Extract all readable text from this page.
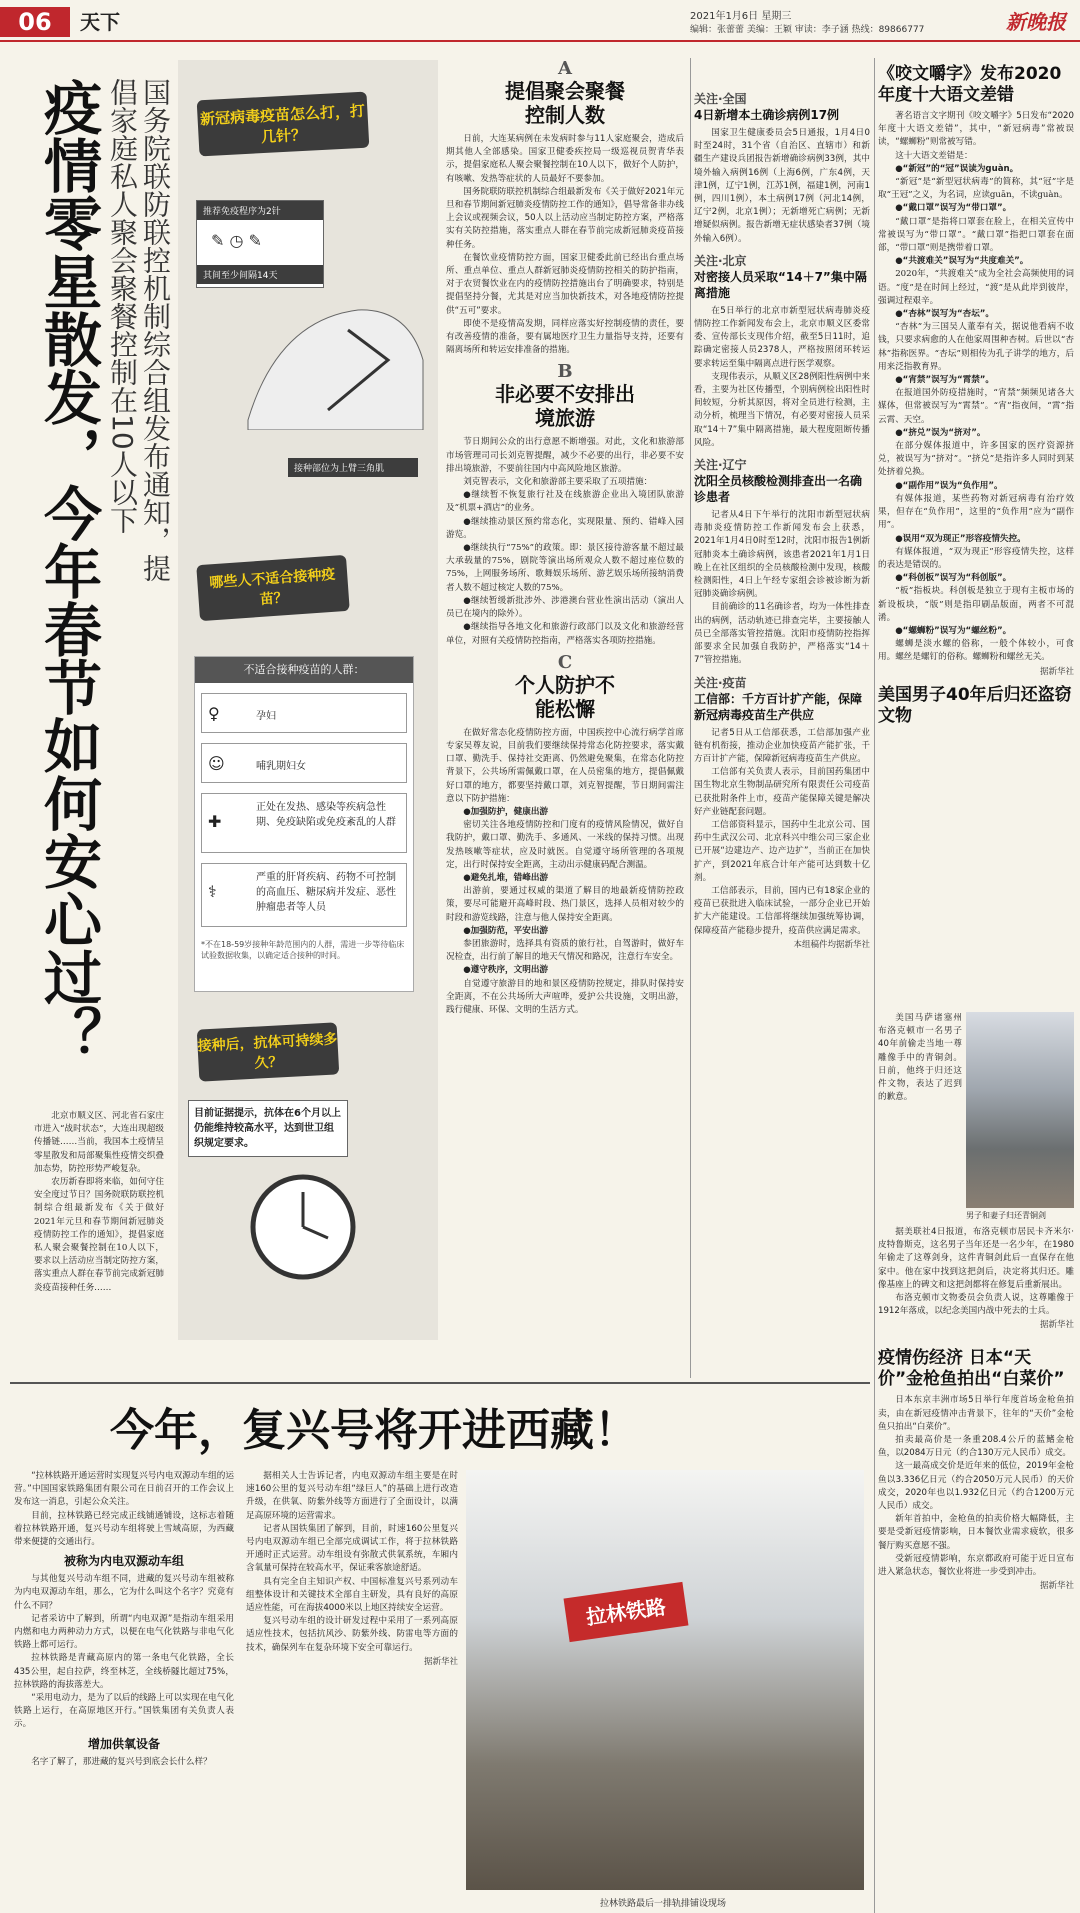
06	天下	2021年1月6日 星期三
编辑：张蕾蕾 美编：王颖 审读：李子涵 热线：89866777	新晚报
疫情零星散发，今年春节如何安心过？	国务院联防联控机制综合组发布通知，提倡家庭私人聚会聚餐控制在10人以下

北京市顺义区、河北省石家庄市进入“战时状态”，大连出现超级传播链……当前，我国本土疫情呈零星散发和局部聚集性疫情交织叠加态势，防控形势严峻复杂。

农历新春即将来临，如何守住安全度过节日？国务院联防联控机制综合组最新发布《关于做好2021年元旦和春节期间新冠肺炎疫情防控工作的通知》，提倡家庭私人聚会聚餐控制在10人以下，要求以上活动应当制定防控方案，落实重点人群在春节前完成新冠肺炎疫苗接种任务……

新冠病毒疫苗怎么打，打几针？
推荐免疫程序为2针
✎ ◷ ✎
其间至少间隔14天
接种部位为上臂三角肌
哪些人不适合接种疫苗？
不适合接种疫苗的人群：
♀	孕妇
☺	哺乳期妇女
✚
正处在发热、感染等疾病急性期、免疫缺陷或免疫紊乱的人群
⚕
严重的肝肾疾病、药物不可控制的高血压、糖尿病并发症、恶性肿瘤患者等人员
*不在18-59岁接种年龄范围内的人群，需进一步等待临床试验数据收集，以确定适合接种的时间。
接种后，抗体可持续多久？
目前证据提示，抗体在6个月以上仍能维持较高水平，达到世卫组织规定要求。
A
提倡聚会聚餐控制人数

日前，大连某病例在未发病时参与11人家庭聚会，造成后期其他人全部感染。国家卫健委疾控局一级巡视员贺青华表示，提倡家庭私人聚会聚餐控制在10人以下，做好个人防护，有咳嗽、发热等症状的人员最好不要参加。

国务院联防联控机制综合组最新发布《关于做好2021年元旦和春节期间新冠肺炎疫情防控工作的通知》，倡导常备非办线上会议或视频会议，50人以上活动应当制定防控方案，严格落实有关防控措施，落实重点人群在春节前完成新冠肺炎疫苗接种任务。

在餐饮业疫情防控方面，国家卫健委此前已经出台重点场所、重点单位、重点人群新冠肺炎疫情防控相关的防护指南，对于农贸餐饮业在内的疫情防控措施出台了明确要求，特别是提倡坚持分餐，尤其是对应当加快新技术，对各地疫情防控提供“五可”要求。

即使不是疫情高发期，同样应落实好控制疫情的责任，要有改善疫情的准备，要有属地医疗卫生力量指导支持，还要有隔离场所和转运安排准备的措施。

B
非必要不安排出境旅游

节日期间公众的出行意愿不断增强。对此，文化和旅游部市场管理司司长刘克智提醒，减少不必要的出行，非必要不安排出境旅游，不要前往国内中高风险地区旅游。

刘克智表示，文化和旅游部主要采取了五项措施：

●继续暂不恢复旅行社及在线旅游企业出入境团队旅游及“机票+酒店”的业务。

●继续推动景区预约常态化，实现限量、预约、错峰入园游览。

●继续执行“75%”的政策。即：景区接待游客量不超过最大承载量的75%，剧院等演出场所观众人数不超过座位数的75%，上网服务场所、歌舞娱乐场所、游艺娱乐场所接纳消费者人数不超过核定人数的75%。

●继续暂缓新批涉外、涉港澳台营业性演出活动（演出人员已在境内的除外）。

●继续指导各地文化和旅游行政部门以及文化和旅游经营单位，对照有关疫情防控指南，严格落实各项防控措施。

C
个人防护不能松懈

在做好常态化疫情防控方面，中国疾控中心流行病学首席专家吴尊友说，目前我们要继续保持常态化防控要求，落实戴口罩、勤洗手、保持社交距离、仍然避免聚集，在常态化防控背景下，公共场所需佩戴口罩，在人员密集的地方，提倡佩戴好口罩的地方，都要坚持戴口罩，刘克智提醒，节日期间需注意以下防护措施：

●加强防护，健康出游

密切关注各地疫情防控和门度有的疫情风险情况，做好自我防护，戴口罩、勤洗手、多通风、一米线的保持习惯。出现发热咳嗽等症状，应及时就医。自觉遵守场所管理的各项规定，出行时保持安全距离，主动出示健康码配合测温。

●避免扎堆，错峰出游

出游前，要通过权威的渠道了解目的地最新疫情防控政策，要尽可能避开高峰时段、热门景区，选择人员相对较少的时段和游览线路，注意与他人保持安全距离。

●加强防范，平安出游

参团旅游时，选择具有资质的旅行社，自驾游时，做好车况检查，出行前了解目的地天气情况和路况，注意行车安全。

●遵守秩序，文明出游

自觉遵守旅游目的地和景区疫情防控规定，排队时保持安全距离，不在公共场所大声喧哗，爱护公共设施，文明出游，践行健康、环保、文明的生活方式。

关注·全国
4日新增本土确诊病例17例

国家卫生健康委员会5日通报，1月4日0时至24时，31个省（自治区、直辖市）和新疆生产建设兵团报告新增确诊病例33例，其中境外输入病例16例（上海6例，广东4例，天津1例，辽宁1例，江苏1例，福建1例，河南1例，四川1例），本土病例17例（河北14例，辽宁2例，北京1例）；无新增死亡病例；无新增疑似病例。报告新增无症状感染者37例（境外输入6例）。

关注·北京
对密接人员采取“14＋7”集中隔离措施

在5日举行的北京市新型冠状病毒肺炎疫情防控工作新闻发布会上，北京市顺义区委常委、宣传部长支现伟介绍，截至5日11时，追踪确定密接人员2378人，严格按照闭环转运要求转运至集中隔离点进行医学观察。

支现伟表示，从顺义区28例阳性病例中来看，主要为社区传播型，个别病例检出阳性时间较短，分析其原因，将对全员进行检测，主动分析，梳理当下情况，有必要对密接人员采取“14＋7”集中隔离措施，最大程度阻断传播风险。

关注·辽宁
沈阳全员核酸检测排查出一名确诊患者

记者从4日下午举行的沈阳市新型冠状病毒肺炎疫情防控工作新闻发布会上获悉，2021年1月4日0时至12时，沈阳市报告1例新冠肺炎本土确诊病例，该患者2021年1月1日晚上在社区组织的全员核酸检测中发现，核酸检测阳性，4日上午经专家组会诊被诊断为新冠肺炎确诊病例。

目前确诊的11名确诊者，均为一体性排查出的病例，活动轨迹已排查完毕，主要接触人员已全部落实管控措施。沈阳市疫情防控指挥部要求全民加强自我防护，严格落实“14＋7”管控措施。

关注·疫苗
工信部：千方百计扩产能，保障新冠病毒疫苗生产供应

记者5日从工信部获悉，工信部加强产业链有机衔接，推动企业加快疫苗产能扩张，千方百计扩产能，保障新冠病毒疫苗生产供应。

工信部有关负责人表示，目前国药集团中国生物北京生物制品研究所有限责任公司疫苗已获批附条件上市，疫苗产能保障关键是解决好产业链配套问题。

工信部资料显示，国药中生北京公司、国药中生武汉公司、北京科兴中维公司三家企业已开展“边建边产、边产边扩”，当前正在加快扩产，到2021年底合计年产能可达到数十亿剂。

工信部表示，目前，国内已有18家企业的疫苗已获批进入临床试验，一部分企业已开始扩大产能建设。工信部将继续加强统筹协调，保障疫苗产能稳步提升，疫苗供应满足需求。

本组稿件均据新华社
《咬文嚼字》发布2020年度十大语文差错

著名语言文字期刊《咬文嚼字》5日发布“2020年度十大语文差错”，其中，“新冠病毒”常被误读，“螺蛳粉”则常被写错。

这十大语文差错是：

●“新冠”的“冠”误读为guàn。

“新冠”是“新型冠状病毒”的简称，其“冠”字是取“王冠”之义，为名词，应读guān，不读guàn。

●“戴口罩”误写为“带口罩”。

“戴口罩”是指将口罩套在脸上，在相关宣传中常被误写为“带口罩”。“戴口罩”指把口罩套在面部，“带口罩”则是携带着口罩。

●“共渡难关”误写为“共度难关”。

2020年，“共渡难关”成为全社会高频使用的词语。“度”是在时间上经过，“渡”是从此岸到彼岸，强调过程艰辛。

●“杏林”误写为“杏坛”。

“杏林”为三国吴人董奉有关，据说他看病不收钱，只要求病愈的人在他家周围种杏树。后世以“杏林”指称医界。“杏坛”则相传为孔子讲学的地方，后用来泛指教育界。

●“宵禁”误写为“霄禁”。

在报道国外防疫措施时，“宵禁”频频见诸各大媒体，但常被误写为“霄禁”。“宵”指夜间，“霄”指云霄、天空。

●“挤兑”误为“挤对”。

在部分媒体报道中，许多国家的医疗资源挤兑，被误写为“挤对”。“挤兑”是指许多人同时到某处挤着兑换。

●“副作用”误为“负作用”。

有媒体报道，某些药物对新冠病毒有治疗效果，但存在“负作用”，这里的“负作用”应为“副作用”。

●误用“双为现正”形容疫情失控。

有媒体报道，“双为现正”形容疫情失控，这样的表达是错误的。

●“科创板”误写为“科创版”。

“板”指板块。科创板是独立于现有主板市场的新设板块，“版”则是指印刷品版面，两者不可混淆。

●“螺蛳粉”误写为“螺丝粉”。

螺蛳是淡水螺的俗称，一般个体较小，可食用。螺丝是螺钉的俗称。螺蛳粉和螺丝无关。

据新华社
美国男子40年后归还盗窃文物
男子和妻子归还青铜剑

美国马萨诸塞州布洛克顿市一名男子40年前偷走当地一尊雕像手中的青铜剑。日前，他终于归还这件文物，表达了迟到的歉意。

据美联社4日报道，布洛克顿市居民卡齐米尔·皮特鲁斯克，这名男子当年还是一名少年，在1980年偷走了这尊剑身，这件青铜剑此后一直保存在他家中。他在家中找到这把剑后，决定将其归还。雕像基座上的碑文和这把剑都将在修复后重新展出。

布洛克顿市文物委员会负责人说，这尊雕像于1912年落成，以纪念美国内战中死去的士兵。

据新华社
疫情伤经济 日本“天价”金枪鱼拍出“白菜价”

日本东京丰洲市场5日举行年度首场金枪鱼拍卖，由在新冠疫情冲击背景下，往年的“天价”金枪鱼只拍出“白菜价”。

拍卖最高价是一条重208.4公斤的蓝鳍金枪鱼，以2084万日元（约合130万元人民币）成交。

这一最高成交价是近年来的低位，2019年金枪鱼以3.336亿日元（约合2050万元人民币）的天价成交，2020年也以1.932亿日元（约合1200万元人民币）成交。

新年首拍中，金枪鱼的拍卖价格大幅降低，主要是受新冠疫情影响，日本餐饮业需求疲软，很多餐厅购买意愿不强。

受新冠疫情影响，东京都政府可能于近日宣布进入紧急状态，餐饮业将进一步受到冲击。

据新华社
今年，复兴号将开进西藏！

“拉林铁路开通运营时实现复兴号内电双源动车组的运营。”中国国家铁路集团有限公司在日前召开的工作会议上发布这一消息，引起公众关注。

目前，拉林铁路已经完成正线铺通铺设，这标志着随着拉林铁路开通，复兴号动车组将驶上雪域高原，为西藏带来便捷的交通出行。

被称为内电双源动车组

与其他复兴号动车组不同，进藏的复兴号动车组被称为内电双源动车组，那么，它为什么叫这个名字？究竟有什么不同？

记者采访中了解到，所谓“内电双源”是指动车组采用内燃和电力两种动力方式，以便在电气化铁路与非电气化铁路上都可运行。

拉林铁路是青藏高原内的第一条电气化铁路，全长435公里，起自拉萨，终至林芝，全线桥隧比超过75%，拉林铁路的海拔落差大。

“采用电动力，是为了以后的线路上可以实现在电气化铁路上运行，在高原地区开行。”国铁集团有关负责人表示。

增加供氧设备

名字了解了，那进藏的复兴号到底会长什么样？

据相关人士告诉记者，内电双源动车组主要是在时速160公里的复兴号动车组“绿巨人”的基础上进行改造升级，在供氧、防紫外线等方面进行了全面设计，以满足高原环境的运营需求。

记者从国铁集团了解到，目前，时速160公里复兴号内电双源动车组已全部完成调试工作，将于拉林铁路开通时正式运营。动车组设有弥散式供氧系统，车厢内含氧量可保持在较高水平，保证乘客旅途舒适。

具有完全自主知识产权、中国标准复兴号系列动车组整体设计和关键技术全部自主研发，具有良好的高原适应性能，可在海拔4000米以上地区持续安全运营。

复兴号动车组的设计研发过程中采用了一系列高原适应性技术，包括抗风沙、防紫外线、防雷电等方面的技术，确保列车在复杂环境下安全可靠运行。

据新华社
拉林铁路
拉林铁路最后一排轨排铺设现场
